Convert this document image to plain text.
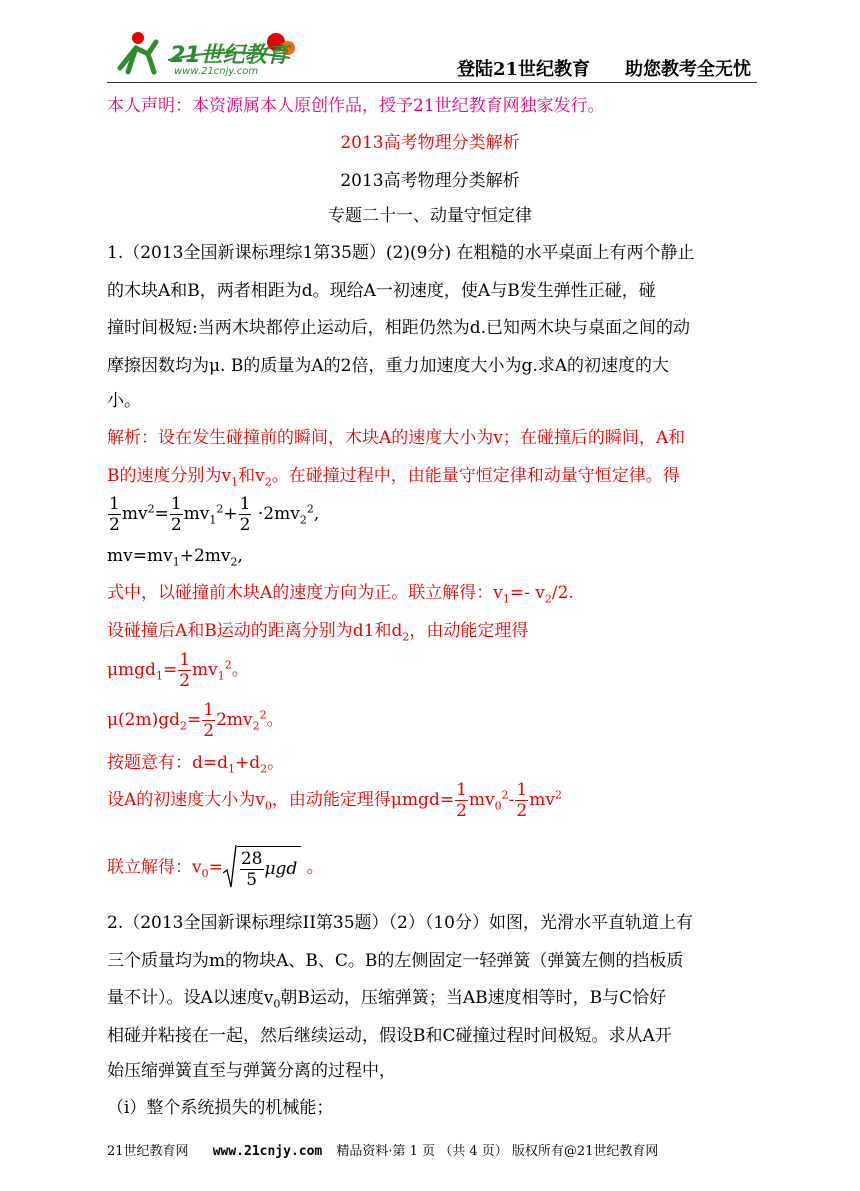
21世纪教育
www.21cnjy.com	登陆21世纪教育 助您教考全无忧
本人声明：本资源属本人原创作品，授予21世纪教育网独家发行。
2013高考物理分类解析
2013高考物理分类解析
专题二十一、动量守恒定律
1.（2013全国新课标理综1第35题）(2)(9分) 在粗糙的水平桌面上有两个静止
的木块A和B，两者相距为d。现给A一初速度，使A与B发生弹性正碰，碰
撞时间极短:当两木块都停止运动后，相距仍然为d.已知两木块与桌面之间的动
摩擦因数均为μ. B的质量为A的2倍，重力加速度大小为g.求A的初速度的大
小。
解析：设在发生碰撞前的瞬间，木块A的速度大小为v；在碰撞后的瞬间，A和
B的速度分别为$v_1$和$v_2$。在碰撞过程中，由能量守恒定律和动量守恒定律。得
$\frac{1}{2} mv^2= \frac{1}{2} mv_1^2+ \frac{1}{2} \cdot 2mv_2^2$,
$mv=mv_1+2mv_2$,
式中，以碰撞前木块A的速度方向为正。联立解得：$v_1=-$ $v_2/2$.
设碰撞后A和B运动的距离分别为d1和$d_2$，由动能定理得
$\mu mgd_1= \frac{1}{2} mv_1^2$。
$\mu(2m)gd_2= \frac{1}{2} 2mv_2^2$。
按题意有：$d=d_1+d_2$。
设A的初速度大小为$v_0$，由动能定理得$\mu mgd= \frac{1}{2} mv_0^2- \frac{1}{2} mv^2$
联立解得：$v_0= \frac{28}{5}$ μgd 。
2.（2013全国新课标理综II第35题）（2）（10分）如图，光滑水平直轨道上有
三个质量均为m的物块A、B、C。B的左侧固定一轻弹簧（弹簧左侧的挡板质
量不计）。设A以速度$v_0$朝B运动，压缩弹簧；当AB速度相等时，B与C恰好
相碰并粘接在一起，然后继续运动，假设B和C碰撞过程时间极短。求从A开
始压缩弹簧直至与弹簧分离的过程中，
（i）整个系统损失的机械能；
21世纪教育网 www.21cnjy.com 精品资料·第 1 页 （共 4 页） 版权所有@21世纪教育网
